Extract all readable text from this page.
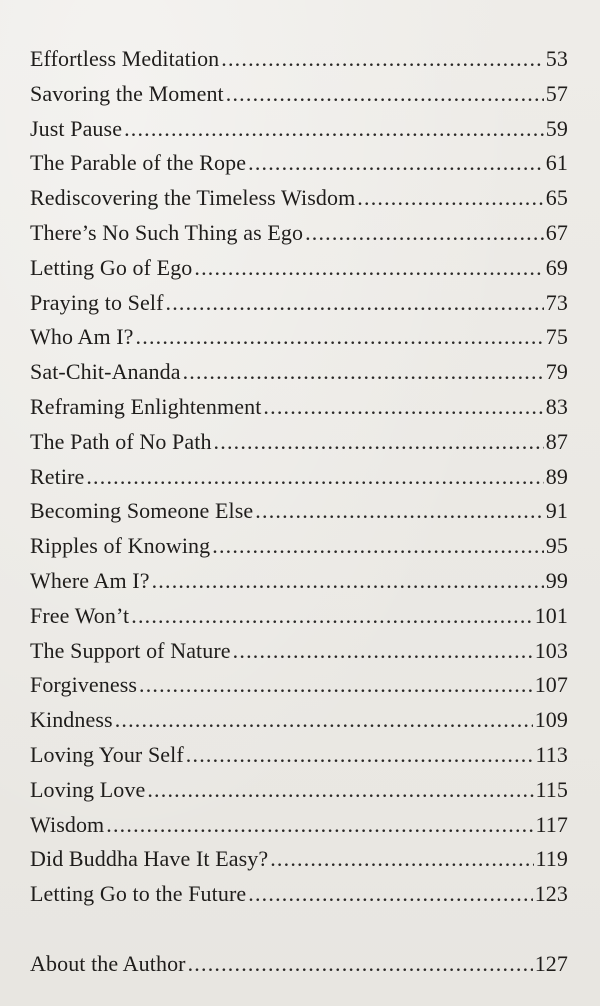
Effortless Meditation .....	53
Savoring the Moment .....	57
Just Pause .....	59
The Parable of the Rope .....	61
Rediscovering the Timeless Wisdom .....	65
There’s No Such Thing as Ego .....	67
Letting Go of Ego .....	69
Praying to Self .....	73
Who Am I? .....	75
Sat-Chit-Ananda .....	79
Reframing Enlightenment .....	83
The Path of No Path .....	87
Retire .....	89
Becoming Someone Else .....	91
Ripples of Knowing .....	95
Where Am I? .....	99
Free Won’t .....	101
The Support of Nature .....	103
Forgiveness .....	107
Kindness .....	109
Loving Your Self .....	113
Loving Love .....	115
Wisdom .....	117
Did Buddha Have It Easy? .....	119
Letting Go to the Future .....	123
About the Author .....	127
